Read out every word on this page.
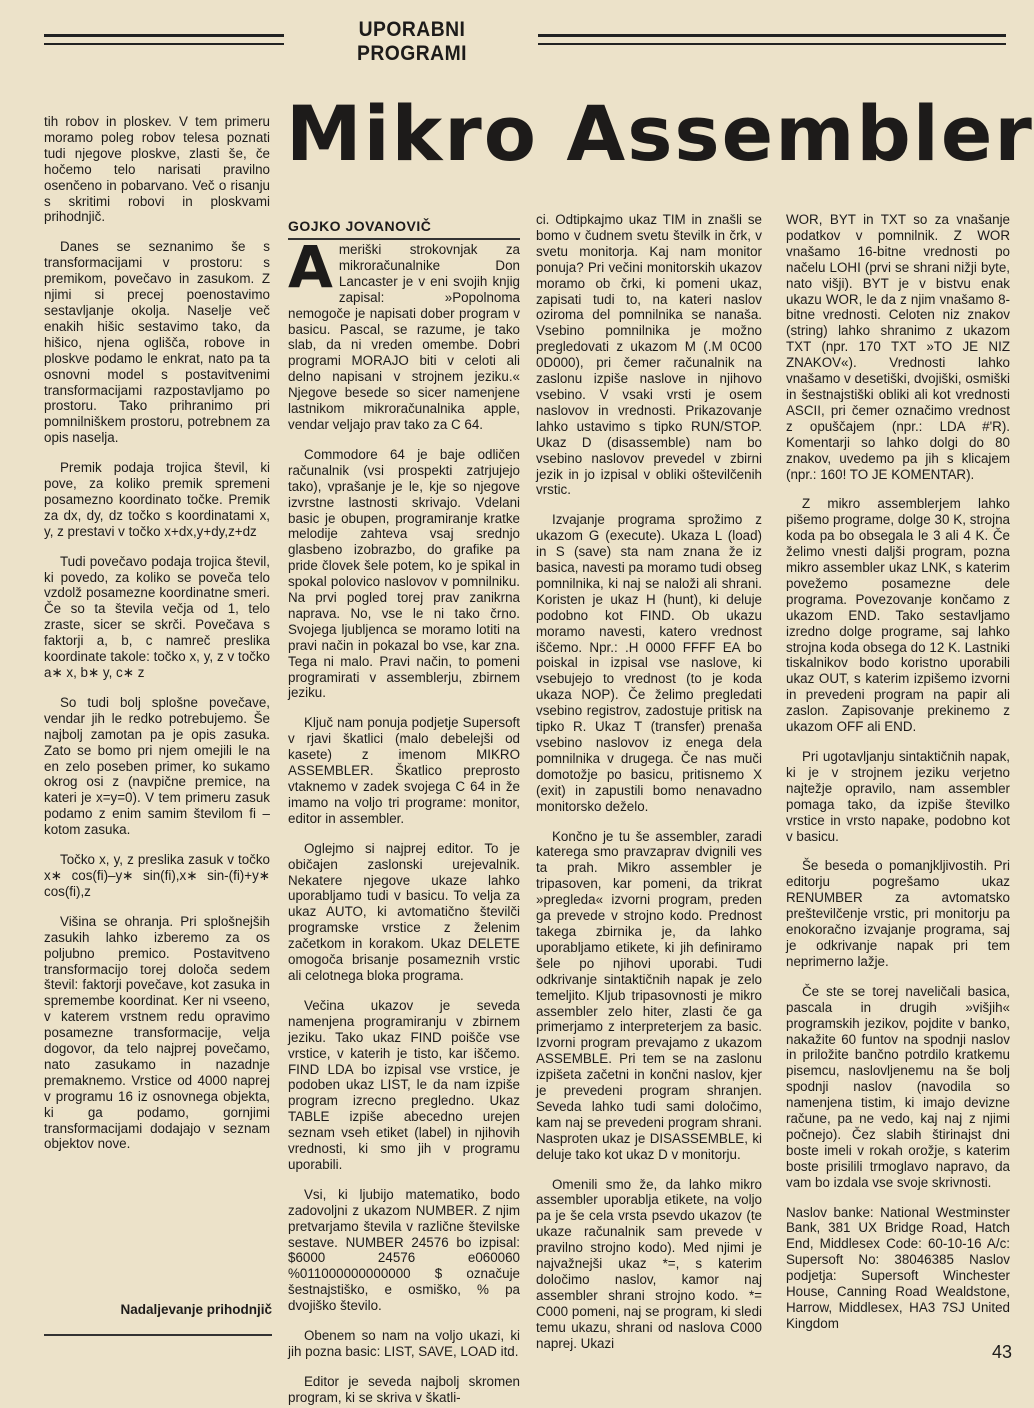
UPORABNI PROGRAMI
Mikro Assembler

tih robov in ploskev. V tem primeru moramo poleg robov telesa poznati tudi njegove ploskve, zlasti še, če hočemo telo narisati pravilno osenčeno in pobarvano. Več o risanju s skritimi robovi in ploskvami prihodnjič.

Danes se seznanimo še s transformacijami v prostoru: s premikom, povečavo in zasukom. Z njimi si precej poenostavimo sestavljanje okolja. Naselje več enakih hišic sestavimo tako, da hišico, njena oglišča, robove in ploskve podamo le enkrat, nato pa ta osnovni model s postavitvenimi transformacijami razpostavljamo po prostoru. Tako prihranimo pri pomnilniškem prostoru, potrebnem za opis naselja.

Premik podaja trojica števil, ki pove, za koliko premik spremeni posamezno koordinato točke. Premik za dx, dy, dz točko s koordinatami x, y, z prestavi v točko x+dx,y+dy,z+dz

Tudi povečavo podaja trojica števil, ki povedo, za koliko se poveča telo vzdolž posamezne koordinatne smeri. Če so ta števila večja od 1, telo zraste, sicer se skrči. Povečava s faktorji a, b, c namreč preslika koordinate takole: točko x, y, z v točko a∗ x, b∗ y, c∗ z

So tudi bolj splošne povečave, vendar jih le redko potrebujemo. Še najbolj zamotan pa je opis zasuka. Zato se bomo pri njem omejili le na en zelo poseben primer, ko sukamo okrog osi z (navpične premice, na kateri je x=y=0). V tem primeru zasuk podamo z enim samim številom fi – kotom zasuka.

Točko x, y, z preslika zasuk v točko x∗ cos(fi)–y∗ sin(fi),x∗ sin-(fi)+y∗ cos(fi),z

Višina se ohranja. Pri splošnejših zasukih lahko izberemo za os poljubno premico. Postavitveno transformacijo torej določa sedem števil: faktorji povečave, kot zasuka in spremembe koordinat. Ker ni vseeno, v katerem vrstnem redu opravimo posamezne transformacije, velja dogovor, da telo najprej povečamo, nato zasukamo in nazadnje premaknemo. Vrstice od 4000 naprej v programu 16 iz osnovnega objekta, ki ga podamo, gornjimi transformacijami dodajajo v seznam objektov nove.

GOJKO JOVANOVIČ

Ameriški strokovnjak za mikroračunalnike Don Lancaster je v eni svojih knjig zapisal: »Popolnoma nemogoče je napisati dober program v basicu. Pascal, se razume, je tako slab, da ni vreden omembe. Dobri programi MORAJO biti v celoti ali delno napisani v strojnem jeziku.« Njegove besede so sicer namenjene lastnikom mikroračunalnika apple, vendar veljajo prav tako za C 64.

Commodore 64 je baje odličen računalnik (vsi prospekti zatrjujejo tako), vprašanje je le, kje so njegove izvrstne lastnosti skrivajo. Vdelani basic je obupen, programiranje kratke melodije zahteva vsaj srednjo glasbeno izobrazbo, do grafike pa pride človek šele potem, ko je spikal in spokal polovico naslovov v pomnilniku. Na prvi pogled torej prav zanikrna naprava. No, vse le ni tako črno. Svojega ljubljenca se moramo lotiti na pravi način in pokazal bo vse, kar zna. Tega ni malo. Pravi način, to pomeni programirati v assemblerju, zbirnem jeziku.

Ključ nam ponuja podjetje Supersoft v rjavi škatlici (malo debelejši od kasete) z imenom MIKRO ASSEMBLER. Škatlico preprosto vtaknemo v zadek svojega C 64 in že imamo na voljo tri programe: monitor, editor in assembler.

Oglejmo si najprej editor. To je običajen zaslonski urejevalnik. Nekatere njegove ukaze lahko uporabljamo tudi v basicu. To velja za ukaz AUTO, ki avtomatično številči programske vrstice z želenim začetkom in korakom. Ukaz DELETE omogoča brisanje posameznih vrstic ali celotnega bloka programa.

Večina ukazov je seveda namenjena programiranju v zbirnem jeziku. Tako ukaz FIND poišče vse vrstice, v katerih je tisto, kar iščemo. FIND LDA bo izpisal vse vrstice, je podoben ukaz LIST, le da nam izpiše program izrecno pregledno. Ukaz TABLE izpiše abecedno urejen seznam vseh etiket (label) in njihovih vrednosti, ki smo jih v programu uporabili.

Vsi, ki ljubijo matematiko, bodo zadovoljni z ukazom NUMBER. Z njim pretvarjamo števila v različne številske sestave. NUMBER 24576 bo izpisal: $6000 24576 e060060 %011000000000000 $ označuje šestnajstiško, e osmiško, % pa dvojiško število.

Obenem so nam na voljo ukazi, ki jih pozna basic: LIST, SAVE, LOAD itd.

Editor je seveda najbolj skromen program, ki se skriva v škatli-

ci. Odtipkajmo ukaz TIM in znašli se bomo v čudnem svetu številk in črk, v svetu monitorja. Kaj nam monitor ponuja? Pri večini monitorskih ukazov moramo ob črki, ki pomeni ukaz, zapisati tudi to, na kateri naslov oziroma del pomnilnika se nanaša. Vsebino pomnilnika je možno pregledovati z ukazom M (.M 0C00 0D000), pri čemer računalnik na zaslonu izpiše naslove in njihovo vsebino. V vsaki vrsti je osem naslovov in vrednosti. Prikazovanje lahko ustavimo s tipko RUN/STOP. Ukaz D (disassemble) nam bo vsebino naslovov prevedel v zbirni jezik in jo izpisal v obliki oštevilčenih vrstic.

Izvajanje programa sprožimo z ukazom G (execute). Ukaza L (load) in S (save) sta nam znana že iz basica, navesti pa moramo tudi obseg pomnilnika, ki naj se naloži ali shrani. Koristen je ukaz H (hunt), ki deluje podobno kot FIND. Ob ukazu moramo navesti, katero vrednost iščemo. Npr.: .H 0000 FFFF EA bo poiskal in izpisal vse naslove, ki vsebujejo to vrednost (to je koda ukaza NOP). Če želimo pregledati vsebino registrov, zadostuje pritisk na tipko R. Ukaz T (transfer) prenaša vsebino naslovov iz enega dela pomnilnika v drugega. Če nas muči domotožje po basicu, pritisnemo X (exit) in zapustili bomo nenavadno monitorsko deželo.

Končno je tu še assembler, zaradi katerega smo pravzaprav dvignili ves ta prah. Mikro assembler je tripasoven, kar pomeni, da trikrat »pregleda« izvorni program, preden ga prevede v strojno kodo. Prednost takega zbirnika je, da lahko uporabljamo etikete, ki jih definiramo šele po njihovi uporabi. Tudi odkrivanje sintaktičnih napak je zelo temeljito. Kljub tripasovnosti je mikro assembler zelo hiter, zlasti če ga primerjamo z interpreterjem za basic. Izvorni program prevajamo z ukazom ASSEMBLE. Pri tem se na zaslonu izpišeta začetni in končni naslov, kjer je prevedeni program shranjen. Seveda lahko tudi sami določimo, kam naj se prevedeni program shrani. Nasproten ukaz je DISASSEMBLE, ki deluje tako kot ukaz D v monitorju.

Omenili smo že, da lahko mikro assembler uporablja etikete, na voljo pa je še cela vrsta psevdo ukazov (te ukaze računalnik sam prevede v pravilno strojno kodo). Med njimi je najvažnejši ukaz *=, s katerim določimo naslov, kamor naj assembler shrani strojno kodo. *= C000 pomeni, naj se program, ki sledi temu ukazu, shrani od naslova C000 naprej. Ukazi

WOR, BYT in TXT so za vnašanje podatkov v pomnilnik. Z WOR vnašamo 16-bitne vrednosti po načelu LOHI (prvi se shrani nižji byte, nato višji). BYT je v bistvu enak ukazu WOR, le da z njim vnašamo 8-bitne vrednosti. Celoten niz znakov (string) lahko shranimo z ukazom TXT (npr. 170 TXT »TO JE NIZ ZNAKOV«). Vrednosti lahko vnašamo v desetiški, dvojiški, osmiški in šestnajstiški obliki ali kot vrednosti ASCII, pri čemer označimo vrednost z opuščajem (npr.: LDA #'R). Komentarji so lahko dolgi do 80 znakov, uvedemo pa jih s klicajem (npr.: 160! TO JE KOMENTAR).

Z mikro assemblerjem lahko pišemo programe, dolge 30 K, strojna koda pa bo obsegala le 3 ali 4 K. Če želimo vnesti daljši program, pozna mikro assembler ukaz LNK, s katerim povežemo posamezne dele programa. Povezovanje končamo z ukazom END. Tako sestavljamo izredno dolge programe, saj lahko strojna koda obsega do 12 K. Lastniki tiskalnikov bodo koristno uporabili ukaz OUT, s katerim izpišemo izvorni in prevedeni program na papir ali zaslon. Zapisovanje prekinemo z ukazom OFF ali END.

Pri ugotavljanju sintaktičnih napak, ki je v strojnem jeziku verjetno najtežje opravilo, nam assembler pomaga tako, da izpiše številko vrstice in vrsto napake, podobno kot v basicu.

Še beseda o pomanjkljivostih. Pri editorju pogrešamo ukaz RENUMBER za avtomatsko preštevilčenje vrstic, pri monitorju pa enokoračno izvajanje programa, saj je odkrivanje napak pri tem neprimerno lažje.

Če ste se torej naveličali basica, pascala in drugih »višjih« programskih jezikov, pojdite v banko, nakažite 60 funtov na spodnji naslov in priložite bančno potrdilo kratkemu pisemcu, naslovljenemu na še bolj spodnji naslov (navodila so namenjena tistim, ki imajo devizne račune, pa ne vedo, kaj naj z njimi počnejo). Čez slabih štirinajst dni boste imeli v rokah orožje, s katerim boste prisilili trmoglavo napravo, da vam bo izdala vse svoje skrivnosti.

Naslov banke: National Westminster Bank, 381 UX Bridge Road, Hatch End, Middlesex Code: 60-10-16 A/c: Supersoft No: 38046385 Naslov podjetja: Supersoft Winchester House, Canning Road Wealdstone, Harrow, Middlesex, HA3 7SJ United Kingdom

Nadaljevanje prihodnjič
43
